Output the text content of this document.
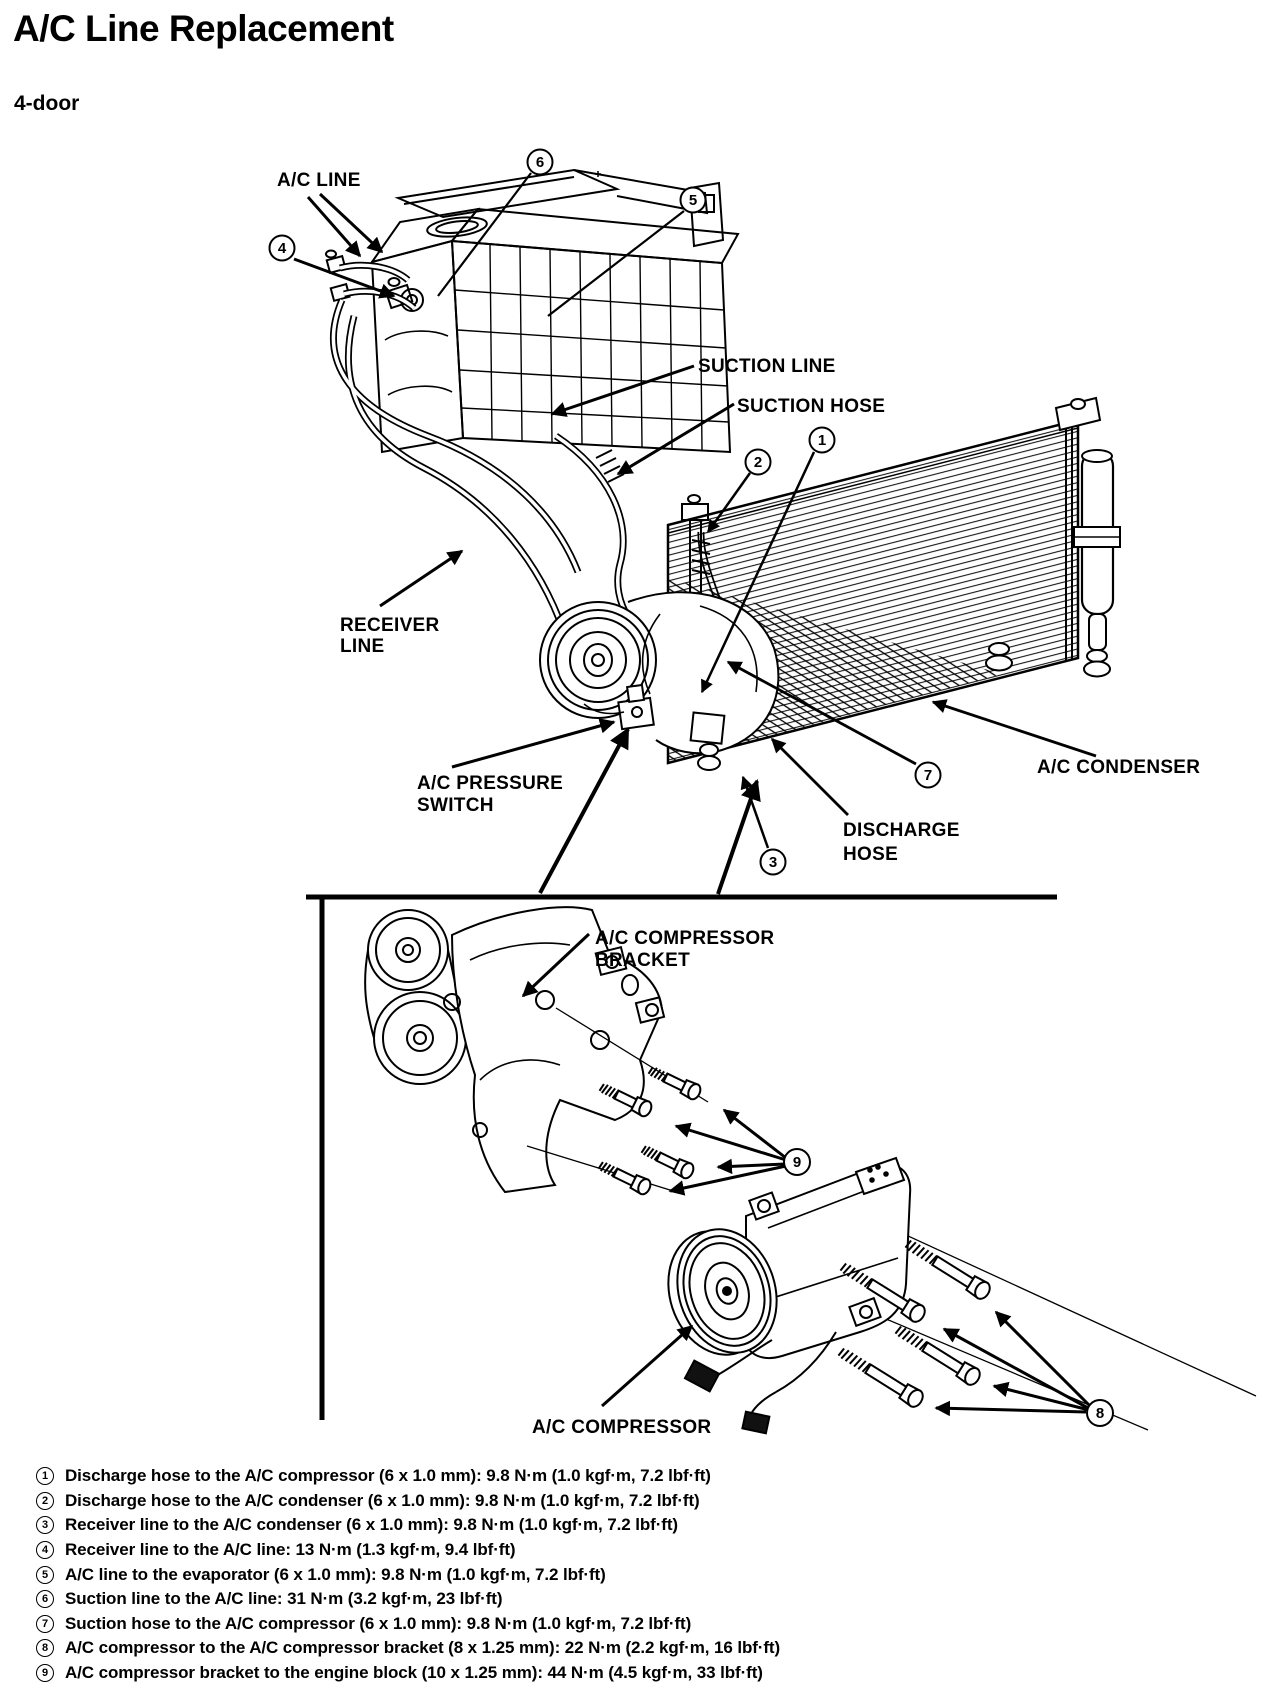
A/C Line Replacement
4-door
A/C LINE
SUCTION LINE
SUCTION HOSE
RECEIVER
LINE
A/C PRESSURE
SWITCH
DISCHARGE
HOSE
A/C CONDENSER
4
6
5
1
2
7
3
A/C COMPRESSOR
BRACKET
A/C COMPRESSOR
9
8
1 Discharge hose to the A/C compressor (6 x 1.0 mm): 9.8 N·m (1.0 kgf·m, 7.2 lbf·ft)
2 Discharge hose to the A/C condenser (6 x 1.0 mm): 9.8 N·m (1.0 kgf·m, 7.2 lbf·ft)
3 Receiver line to the A/C condenser (6 x 1.0 mm): 9.8 N·m (1.0 kgf·m, 7.2 lbf·ft)
4 Receiver line to the A/C line: 13 N·m (1.3 kgf·m, 9.4 lbf·ft)
5 A/C line to the evaporator (6 x 1.0 mm): 9.8 N·m (1.0 kgf·m, 7.2 lbf·ft)
6 Suction line to the A/C line: 31 N·m (3.2 kgf·m, 23 lbf·ft)
7 Suction hose to the A/C compressor (6 x 1.0 mm): 9.8 N·m (1.0 kgf·m, 7.2 lbf·ft)
8 A/C compressor to the A/C compressor bracket (8 x 1.25 mm): 22 N·m (2.2 kgf·m, 16 lbf·ft)
9 A/C compressor bracket to the engine block (10 x 1.25 mm): 44 N·m (4.5 kgf·m, 33 lbf·ft)
